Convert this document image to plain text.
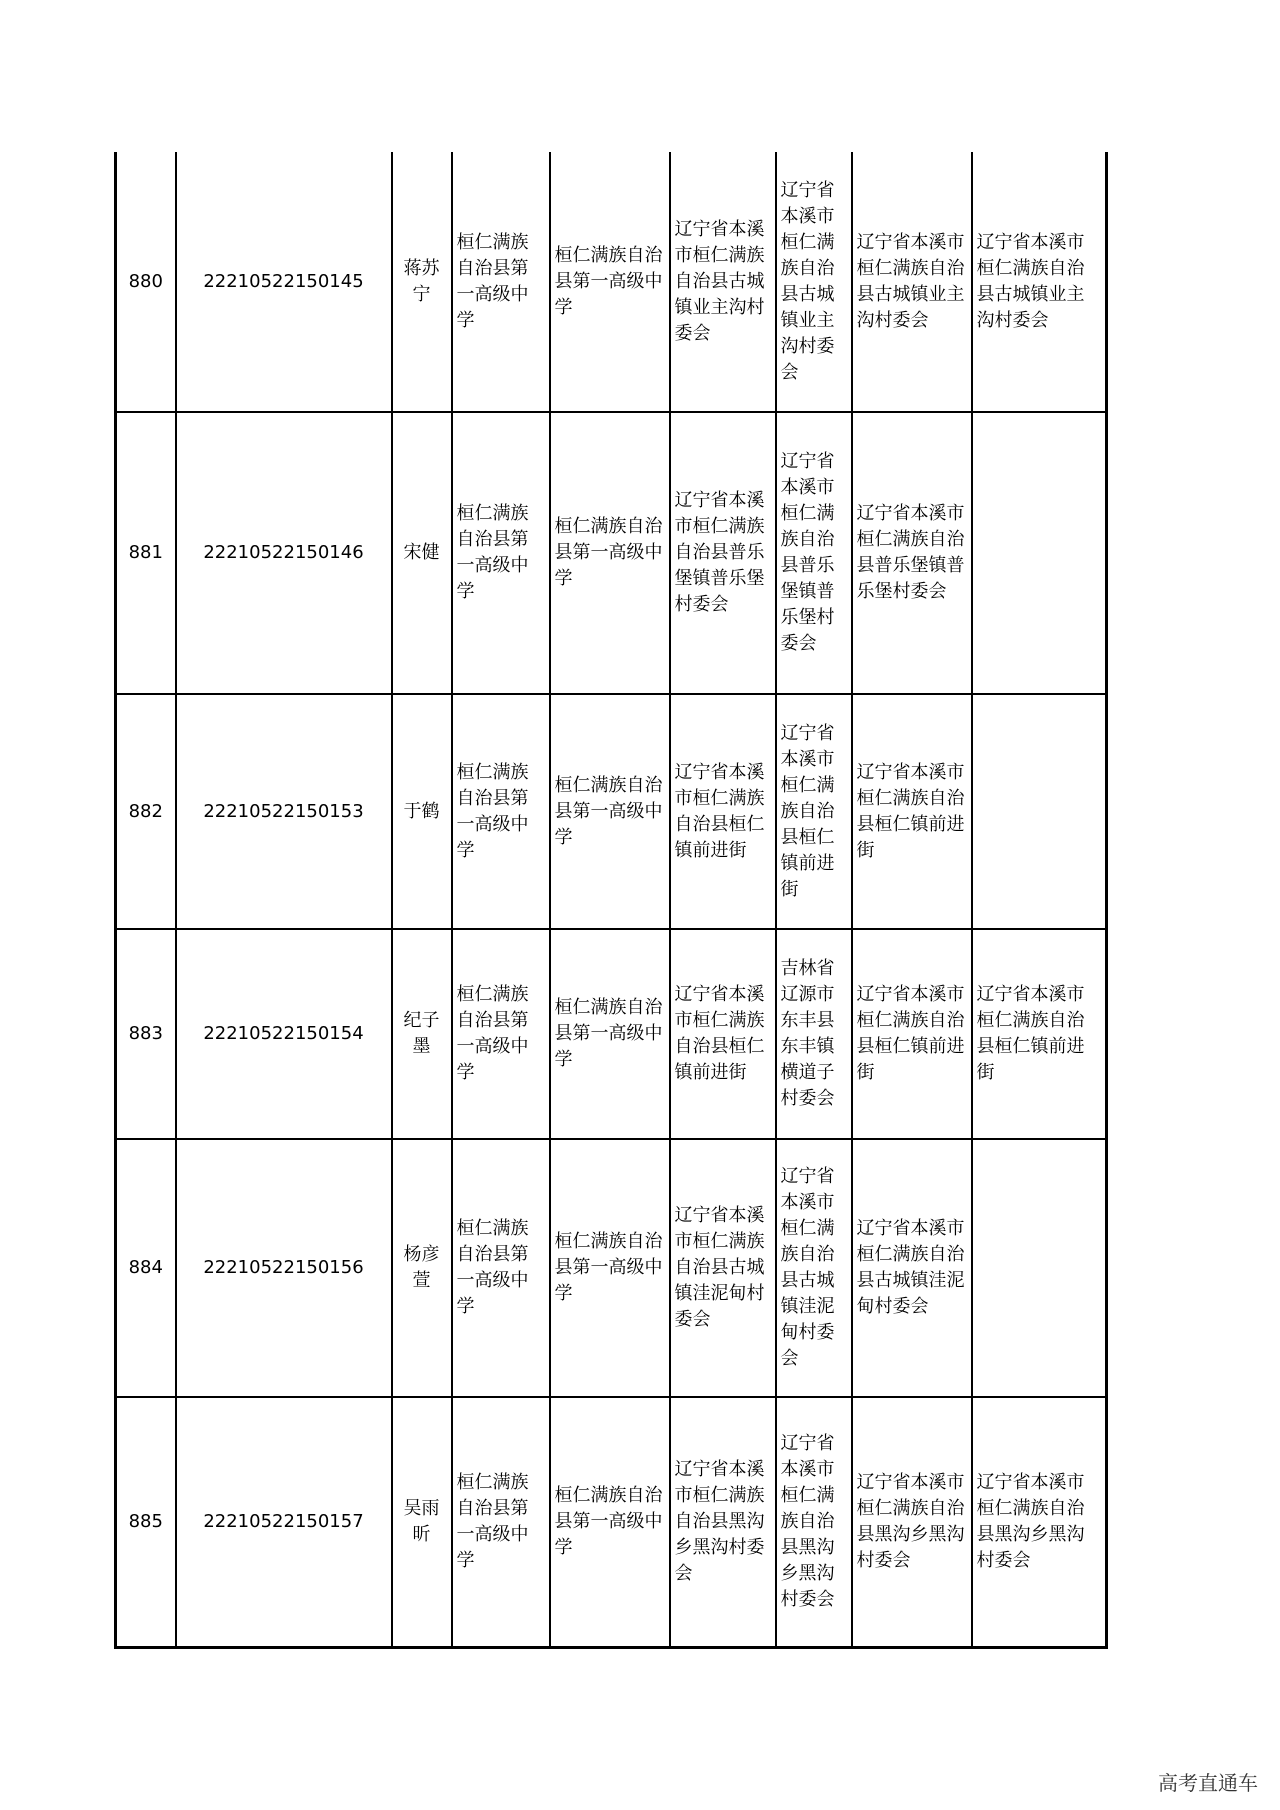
880	22210522150145	蒋苏宁	桓仁满族自治县第一高级中学	桓仁满族自治县第一高级中学	辽宁省本溪市桓仁满族自治县古城镇业主沟村委会	辽宁省本溪市桓仁满族自治县古城镇业主沟村委会	辽宁省本溪市桓仁满族自治县古城镇业主沟村委会	辽宁省本溪市桓仁满族自治县古城镇业主沟村委会
881	22210522150146	宋健	桓仁满族自治县第一高级中学	桓仁满族自治县第一高级中学	辽宁省本溪市桓仁满族自治县普乐堡镇普乐堡村委会	辽宁省本溪市桓仁满族自治县普乐堡镇普乐堡村委会	辽宁省本溪市桓仁满族自治县普乐堡镇普乐堡村委会	
882	22210522150153	于鹤	桓仁满族自治县第一高级中学	桓仁满族自治县第一高级中学	辽宁省本溪市桓仁满族自治县桓仁镇前进街	辽宁省本溪市桓仁满族自治县桓仁镇前进街	辽宁省本溪市桓仁满族自治县桓仁镇前进街	
883	22210522150154	纪子墨	桓仁满族自治县第一高级中学	桓仁满族自治县第一高级中学	辽宁省本溪市桓仁满族自治县桓仁镇前进街	吉林省辽源市东丰县东丰镇横道子村委会	辽宁省本溪市桓仁满族自治县桓仁镇前进街	辽宁省本溪市桓仁满族自治县桓仁镇前进街
884	22210522150156	杨彦萱	桓仁满族自治县第一高级中学	桓仁满族自治县第一高级中学	辽宁省本溪市桓仁满族自治县古城镇洼泥甸村委会	辽宁省本溪市桓仁满族自治县古城镇洼泥甸村委会	辽宁省本溪市桓仁满族自治县古城镇洼泥甸村委会	
885	22210522150157	吴雨昕	桓仁满族自治县第一高级中学	桓仁满族自治县第一高级中学	辽宁省本溪市桓仁满族自治县黑沟乡黑沟村委会	辽宁省本溪市桓仁满族自治县黑沟乡黑沟村委会	辽宁省本溪市桓仁满族自治县黑沟乡黑沟村委会	辽宁省本溪市桓仁满族自治县黑沟乡黑沟村委会
高考直通车
